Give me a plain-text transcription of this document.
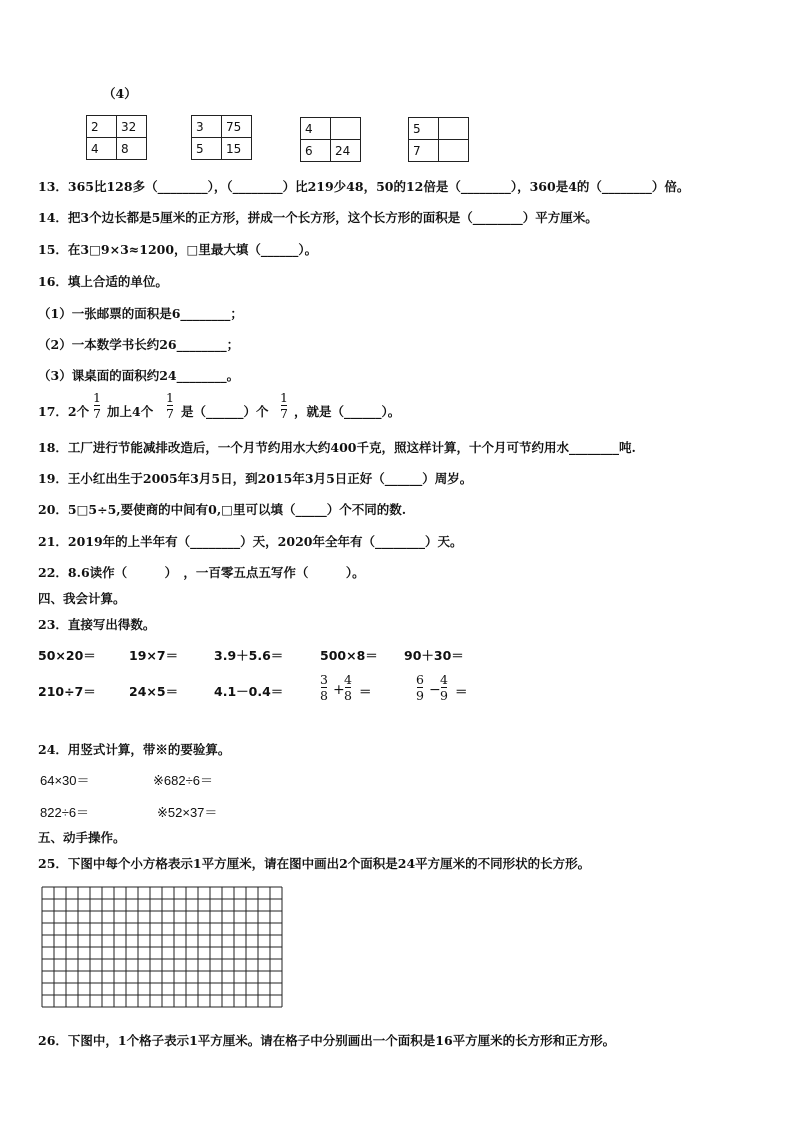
（4）
2	32
4	8
3	75
5	15
4	
6	24
5	
7	
13．365比128多（________），（________）比219少48，50的12倍是（________），360是4的（________）倍。
14．把3个边长都是5厘米的正方形，拼成一个长方形，这个长方形的面积是（________）平方厘米。
15．在3□9×3≈1200，□里最大填（______）。
16．填上合适的单位。
（1）一张邮票的面积是6________；
（2）一本数学书长约26________；
（3）课桌面的面积约24________。
17．2个
1
7 加上4个
1
7 是（______）个
1
7 ，就是（______）。
18．工厂进行节能减排改造后，一个月节约用水大约400千克，照这样计算，十个月可节约用水________吨.
19．王小红出生于2005年3月5日，到2015年3月5日正好（______）周岁。
20．5□5÷5,要使商的中间有0,□里可以填（_____）个不同的数.
21．2019年的上半年有（________）天，2020年全年有（________）天。
22．8.6读作（　　　）　，一百零五点五写作（　　　）。
四、我会计算。
23．直接写出得数。
50×20＝	19×7＝	3.9＋5.6＝	500×8＝ 90＋30＝
210÷7＝	24×5＝	4.1－0.4＝
3
8 +
4
8 ＝
6
9 −
4
9 ＝
24．用竖式计算，带※的要验算。
64×30＝	※682÷6＝
822÷6＝	※52×37＝
五、动手操作。
25．下图中每个小方格表示1平方厘米，请在图中画出2个面积是24平方厘米的不同形状的长方形。
26．下图中，1个格子表示1平方厘米。请在格子中分别画出一个面积是16平方厘米的长方形和正方形。
